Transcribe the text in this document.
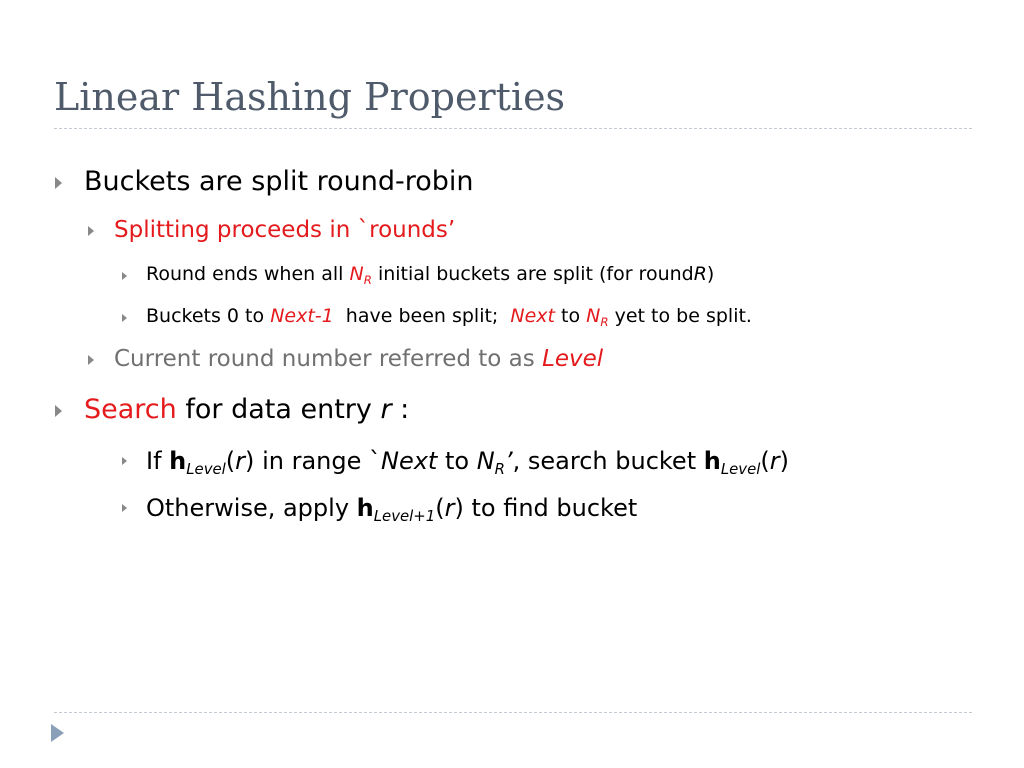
Linear Hashing Properties
Buckets are split round-robin
Splitting proceeds in `rounds’
Round ends when all $N_R$ initial buckets are split (for roundR)
Buckets 0 to Next-1 have been split; Next to $N_R$ yet to be split.
Current round number referred to as Level
Search for data entry r :
If $h_{Level}(r)$ in range `Next to $N_R$’, search bucket $h_{Level}(r)$
Otherwise, apply $h_{Level+1}(r)$ to find bucket
